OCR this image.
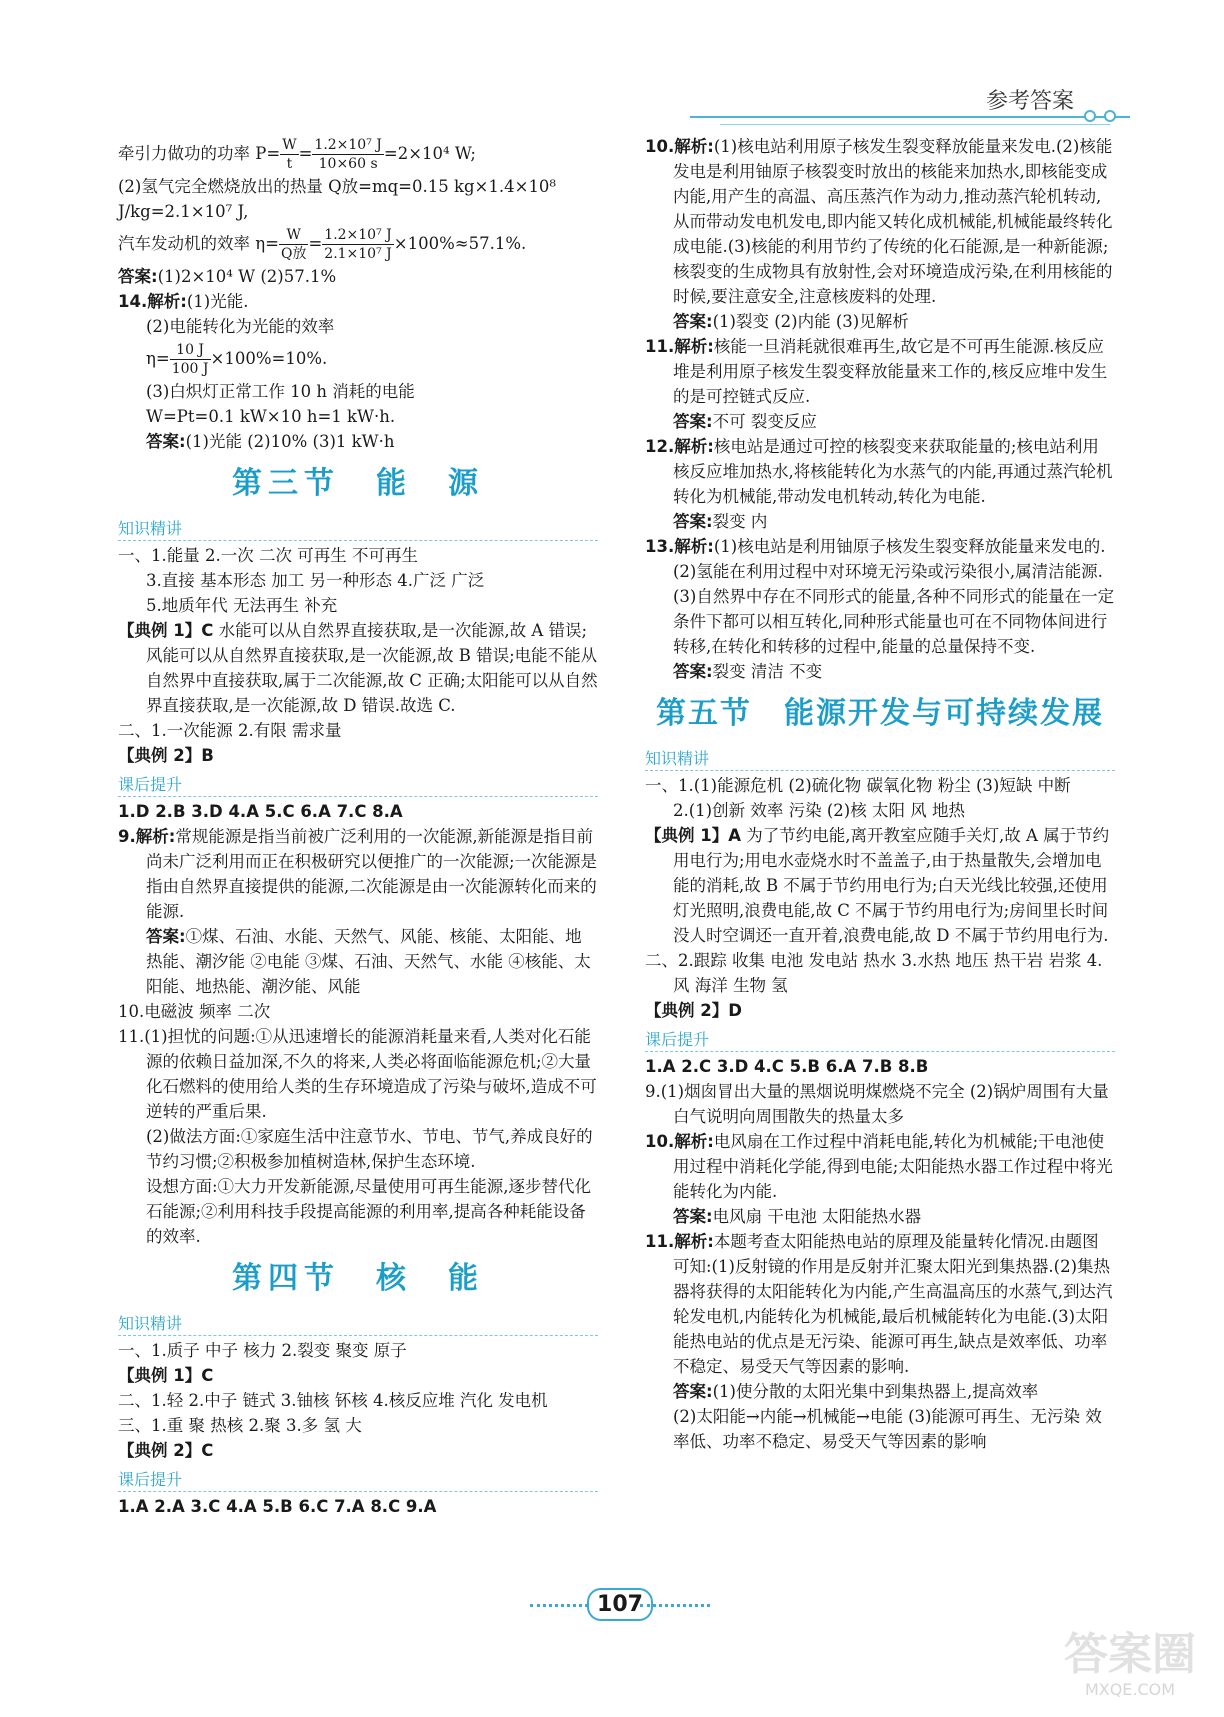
参考答案

牵引力做功的功率 $P= \frac{W}{t} = \frac{\text{1.2×10⁷ J}}{10\times 60 s} =2\times 10^4$ W;

(2)氢气完全燃烧放出的热量 Q放=mq=0.15 kg×1.4×10⁸ J/kg=2.1×10⁷ J,

汽车发动机的效率 $\eta= \frac{W}{\text{Q放}} = \frac{\text{1.2×10⁷ J}}{\text{2.1×10⁷ J}} \times 100\%\approx 57.1\%$.

答案:(1)2×10⁴ W (2)57.1%

14.解析:(1)光能.

(2)电能转化为光能的效率

$\eta= \frac{10 J}{100 J} \times 100\%=10\%$.

(3)白炽灯正常工作 10 h 消耗的电能

W=Pt=0.1 kW×10 h=1 kW·h.

答案:(1)光能 (2)10% (3)1 kW·h

第三节　能　源
知识精讲

一、1.能量 2.一次 二次 可再生 不可再生

3.直接 基本形态 加工 另一种形态 4.广泛 广泛

5.地质年代 无法再生 补充

【典例 1】C 水能可以从自然界直接获取,是一次能源,故 A 错误;风能可以从自然界直接获取,是一次能源,故 B 错误;电能不能从自然界中直接获取,属于二次能源,故 C 正确;太阳能可以从自然界直接获取,是一次能源,故 D 错误.故选 C.

二、1.一次能源 2.有限 需求量

【典例 2】B

课后提升

1.D 2.B 3.D 4.A 5.C 6.A 7.C 8.A

9.解析:常规能源是指当前被广泛利用的一次能源,新能源是指目前尚未广泛利用而正在积极研究以便推广的一次能源;一次能源是指由自然界直接提供的能源,二次能源是由一次能源转化而来的能源.

答案:①煤、石油、水能、天然气、风能、核能、太阳能、地热能、潮汐能 ②电能 ③煤、石油、天然气、水能 ④核能、太阳能、地热能、潮汐能、风能

10.电磁波 频率 二次

11.(1)担忧的问题:①从迅速增长的能源消耗量来看,人类对化石能源的依赖日益加深,不久的将来,人类必将面临能源危机;②大量化石燃料的使用给人类的生存环境造成了污染与破坏,造成不可逆转的严重后果.

(2)做法方面:①家庭生活中注意节水、节电、节气,养成良好的节约习惯;②积极参加植树造林,保护生态环境.

设想方面:①大力开发新能源,尽量使用可再生能源,逐步替代化石能源;②利用科技手段提高能源的利用率,提高各种耗能设备的效率.

第四节　核　能
知识精讲

一、1.质子 中子 核力 2.裂变 聚变 原子

【典例 1】C

二、1.轻 2.中子 链式 3.铀核 钚核 4.核反应堆 汽化 发电机

三、1.重 聚 热核 2.聚 3.多 氢 大

【典例 2】C

课后提升

1.A 2.A 3.C 4.A 5.B 6.C 7.A 8.C 9.A

10.解析:(1)核电站利用原子核发生裂变释放能量来发电.(2)核能发电是利用铀原子核裂变时放出的核能来加热水,即核能变成内能,用产生的高温、高压蒸汽作为动力,推动蒸汽轮机转动,从而带动发电机发电,即内能又转化成机械能,机械能最终转化成电能.(3)核能的利用节约了传统的化石能源,是一种新能源;核裂变的生成物具有放射性,会对环境造成污染,在利用核能的时候,要注意安全,注意核废料的处理.

答案:(1)裂变 (2)内能 (3)见解析

11.解析:核能一旦消耗就很难再生,故它是不可再生能源.核反应堆是利用原子核发生裂变释放能量来工作的,核反应堆中发生的是可控链式反应.

答案:不可 裂变反应

12.解析:核电站是通过可控的核裂变来获取能量的;核电站利用核反应堆加热水,将核能转化为水蒸气的内能,再通过蒸汽轮机转化为机械能,带动发电机转动,转化为电能.

答案:裂变 内

13.解析:(1)核电站是利用铀原子核发生裂变释放能量来发电的.(2)氢能在利用过程中对环境无污染或污染很小,属清洁能源.(3)自然界中存在不同形式的能量,各种不同形式的能量在一定条件下都可以相互转化,同种形式能量也可在不同物体间进行转移,在转化和转移的过程中,能量的总量保持不变.

答案:裂变 清洁 不变

第五节　能源开发与可持续发展
知识精讲

一、1.(1)能源危机 (2)硫化物 碳氧化物 粉尘 (3)短缺 中断

2.(1)创新 效率 污染 (2)核 太阳 风 地热

【典例 1】A 为了节约电能,离开教室应随手关灯,故 A 属于节约用电行为;用电水壶烧水时不盖盖子,由于热量散失,会增加电能的消耗,故 B 不属于节约用电行为;白天光线比较强,还使用灯光照明,浪费电能,故 C 不属于节约用电行为;房间里长时间没人时空调还一直开着,浪费电能,故 D 不属于节约用电行为.

二、2.跟踪 收集 电池 发电站 热水 3.水热 地压 热干岩 岩浆 4.风 海洋 生物 氢

【典例 2】D

课后提升

1.A 2.C 3.D 4.C 5.B 6.A 7.B 8.B

9.(1)烟囱冒出大量的黑烟说明煤燃烧不完全 (2)锅炉周围有大量白气说明向周围散失的热量太多

10.解析:电风扇在工作过程中消耗电能,转化为机械能;干电池使用过程中消耗化学能,得到电能;太阳能热水器工作过程中将光能转化为内能.

答案:电风扇 干电池 太阳能热水器

11.解析:本题考查太阳能热电站的原理及能量转化情况.由题图可知:(1)反射镜的作用是反射并汇聚太阳光到集热器.(2)集热器将获得的太阳能转化为内能,产生高温高压的水蒸气,到达汽轮发电机,内能转化为机械能,最后机械能转化为电能.(3)太阳能热电站的优点是无污染、能源可再生,缺点是效率低、功率不稳定、易受天气等因素的影响.

答案:(1)使分散的太阳光集中到集热器上,提高效率

(2)太阳能→内能→机械能→电能 (3)能源可再生、无污染 效率低、功率不稳定、易受天气等因素的影响

107
答案圈
MXQE.COM
